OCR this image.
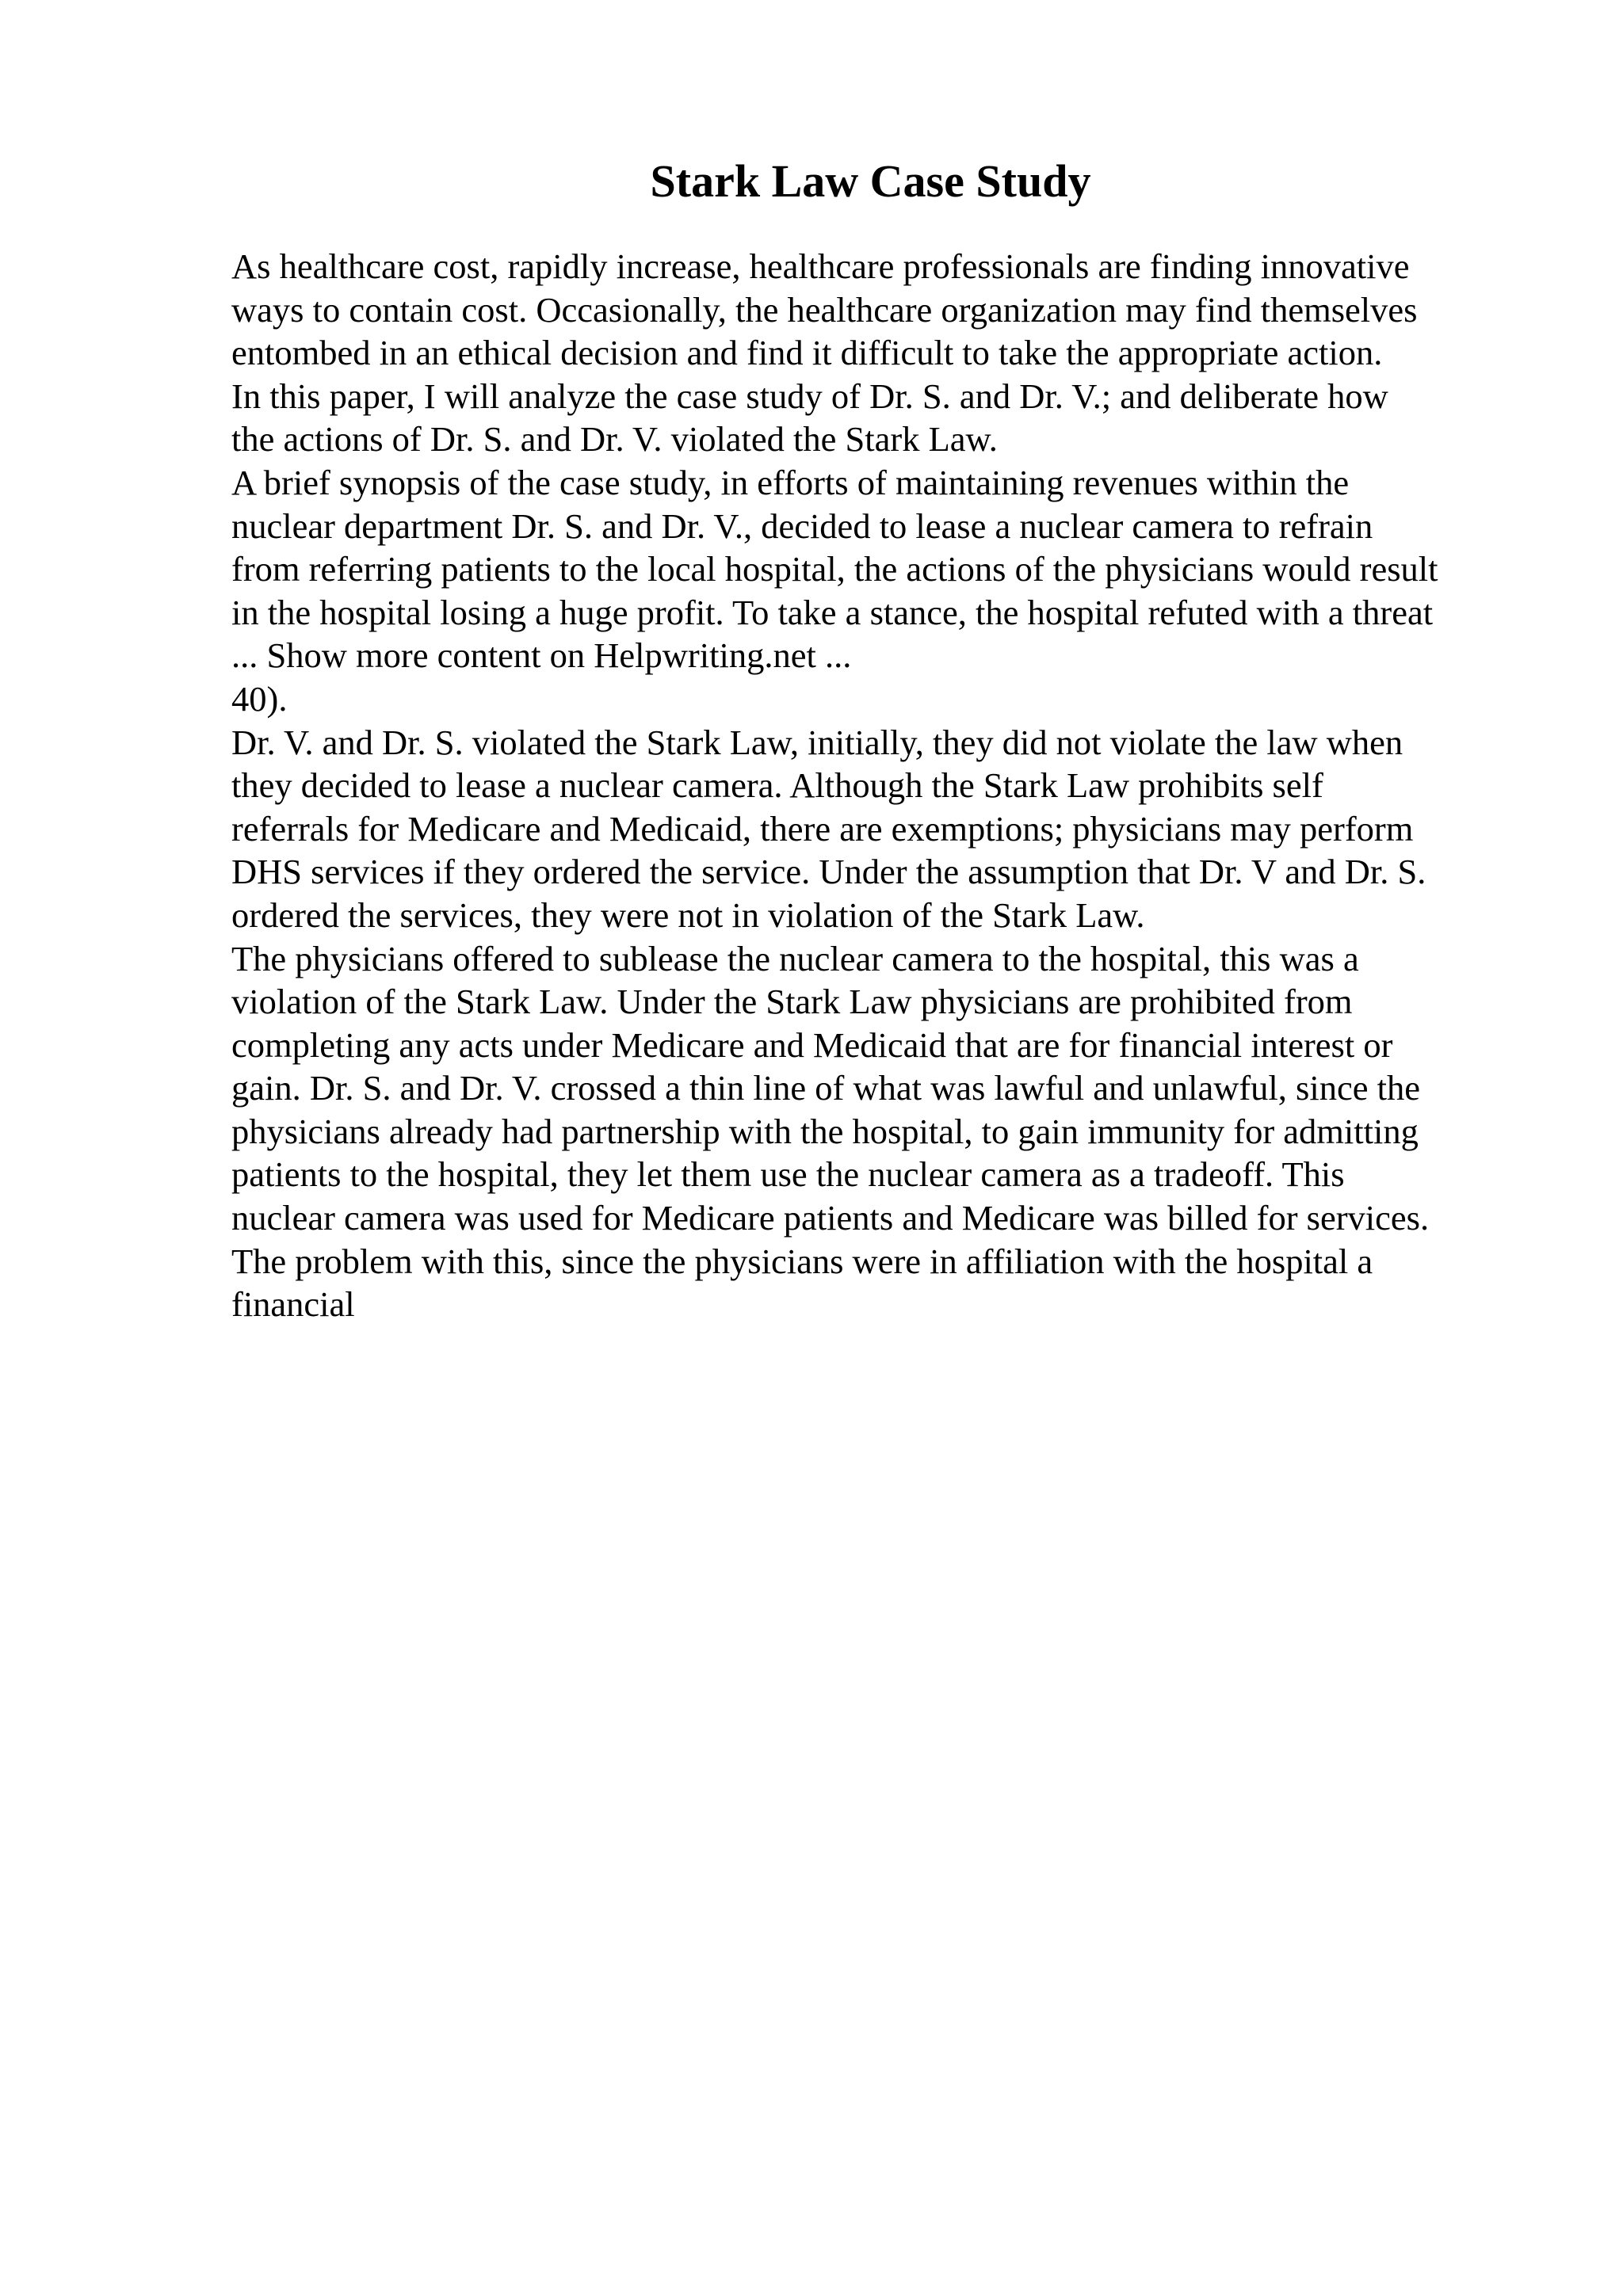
Stark Law Case Study
As healthcare cost, rapidly increase, healthcare professionals are finding innovative
ways to contain cost. Occasionally, the healthcare organization may find themselves
entombed in an ethical decision and find it difficult to take the appropriate action.
In this paper, I will analyze the case study of Dr. S. and Dr. V.; and deliberate how
the actions of Dr. S. and Dr. V. violated the Stark Law.
A brief synopsis of the case study, in efforts of maintaining revenues within the
nuclear department Dr. S. and Dr. V., decided to lease a nuclear camera to refrain
from referring patients to the local hospital, the actions of the physicians would result
in the hospital losing a huge profit. To take a stance, the hospital refuted with a threat
... Show more content on Helpwriting.net ...
40).
Dr. V. and Dr. S. violated the Stark Law, initially, they did not violate the law when
they decided to lease a nuclear camera. Although the Stark Law prohibits self
referrals for Medicare and Medicaid, there are exemptions; physicians may perform
DHS services if they ordered the service. Under the assumption that Dr. V and Dr. S.
ordered the services, they were not in violation of the Stark Law.
The physicians offered to sublease the nuclear camera to the hospital, this was a
violation of the Stark Law. Under the Stark Law physicians are prohibited from
completing any acts under Medicare and Medicaid that are for financial interest or
gain. Dr. S. and Dr. V. crossed a thin line of what was lawful and unlawful, since the
physicians already had partnership with the hospital, to gain immunity for admitting
patients to the hospital, they let them use the nuclear camera as a tradeoff. This
nuclear camera was used for Medicare patients and Medicare was billed for services.
The problem with this, since the physicians were in affiliation with the hospital a
financial
